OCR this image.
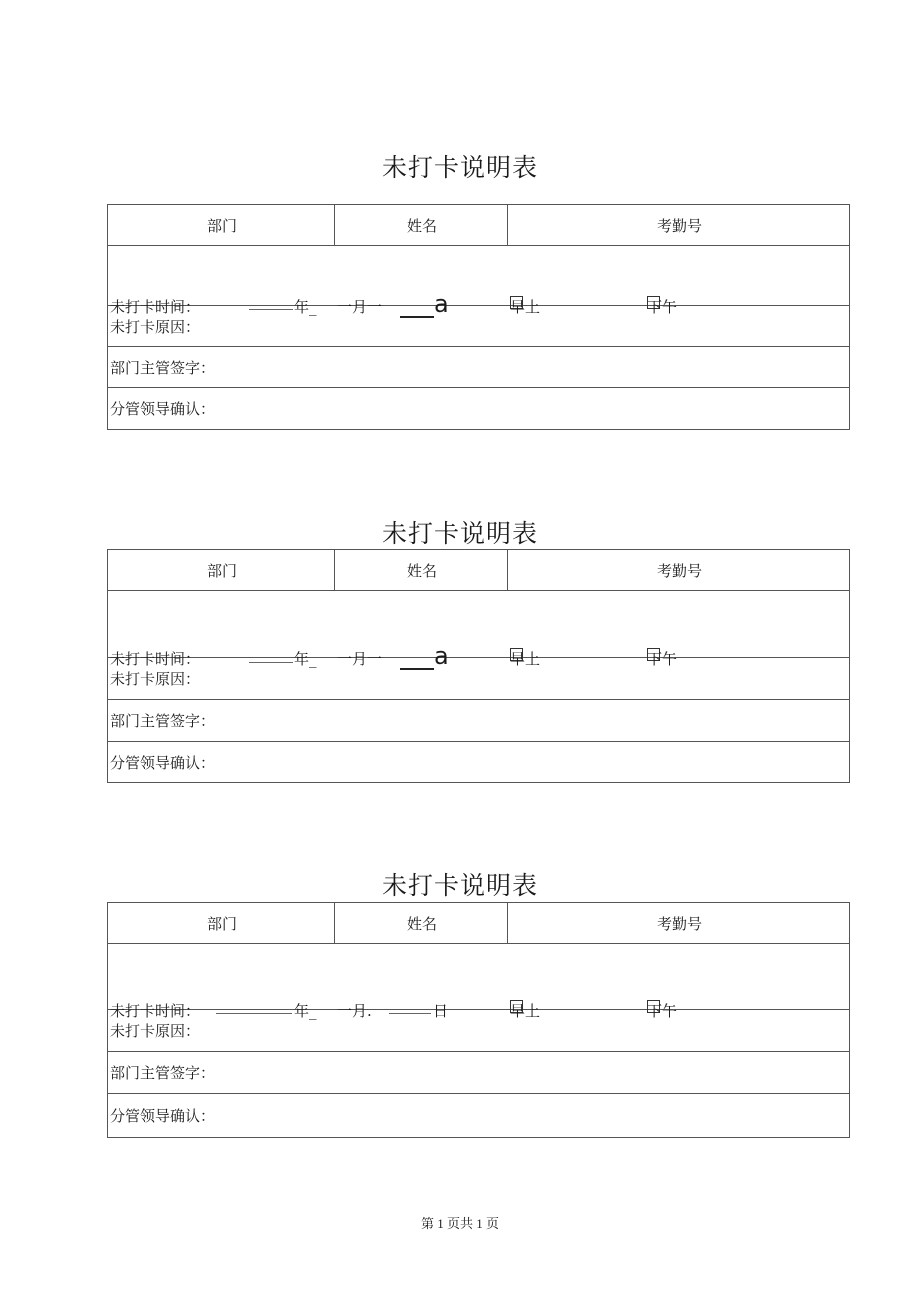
未打卡说明表
部门	姓名	考勤号

未打卡时间：	年_ 一月一 a	早上	下午

未打卡原因：
部门主管签字：
分管领导确认：
未打卡说明表
部门	姓名	考勤号

未打卡时间：	年_ 一月一 a	早上	下午

未打卡原因：
部门主管签字：
分管领导确认：
未打卡说明表
部门	姓名	考勤号

未打卡时间：	年_ 一月.	日	早上	下午

未打卡原因：
部门主管签字：
分管领导确认：
第 1 页共 1 页
